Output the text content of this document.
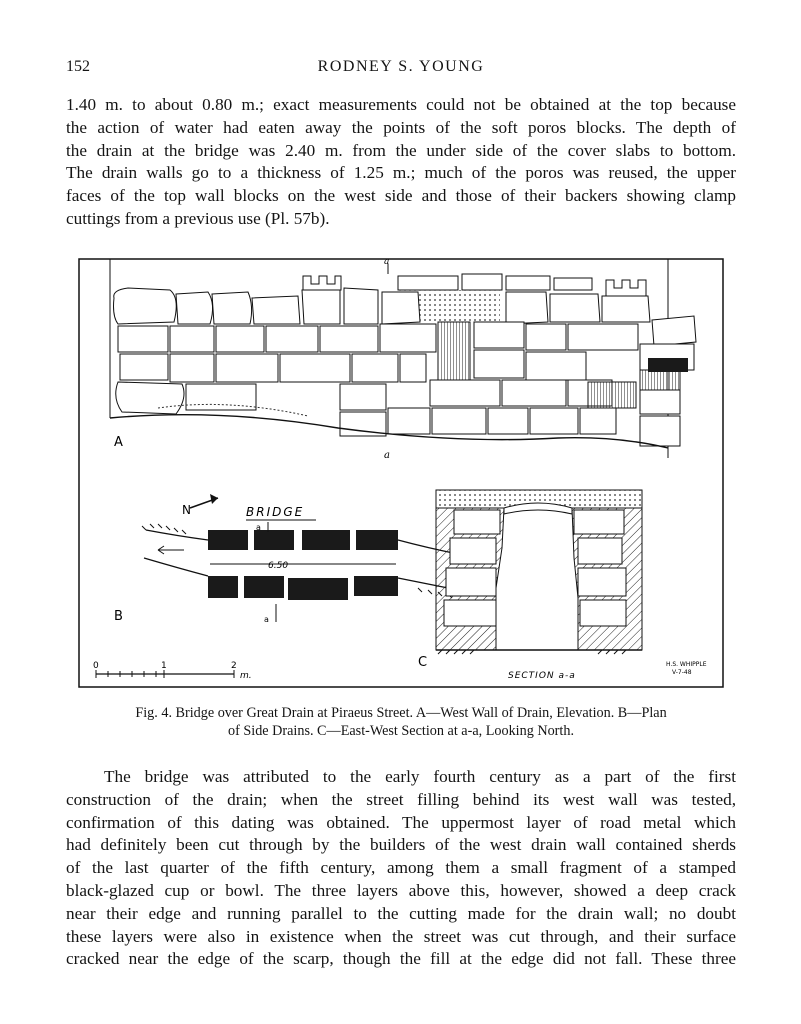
152	RODNEY S. YOUNG

1.40 m. to about 0.80 m.; exact measurements could not be obtained at the top because
the action of water had eaten away the points of the soft poros blocks. The depth of
the drain at the bridge was 2.40 m. from the under side of the cover slabs to bottom.
The drain walls go to a thickness of 1.25 m.; much of the poros was reused, the upper
faces of the top wall blocks on the west side and those of their backers showing clamp
cuttings from a previous use (Pl. 57b).

a
a
A
BRIDGE
N
6.50
a
a
B
C
SECTION a-a
H.S. WHIPPLE
V-7-48
0	1	2
m.
Fig. 4. Bridge over Great Drain at Piraeus Street. A—West Wall of Drain, Elevation. B—Plan
of Side Drains. C—East-West Section at a-a, Looking North.

The bridge was attributed to the early fourth century as a part of the first
construction of the drain; when the street filling behind its west wall was tested,
confirmation of this dating was obtained. The uppermost layer of road metal which
had definitely been cut through by the builders of the west drain wall contained sherds
of the last quarter of the fifth century, among them a small fragment of a stamped
black-glazed cup or bowl. The three layers above this, however, showed a deep crack
near their edge and running parallel to the cutting made for the drain wall; no doubt
these layers were also in existence when the street was cut through, and their surface
cracked near the edge of the scarp, though the fill at the edge did not fall. These three
